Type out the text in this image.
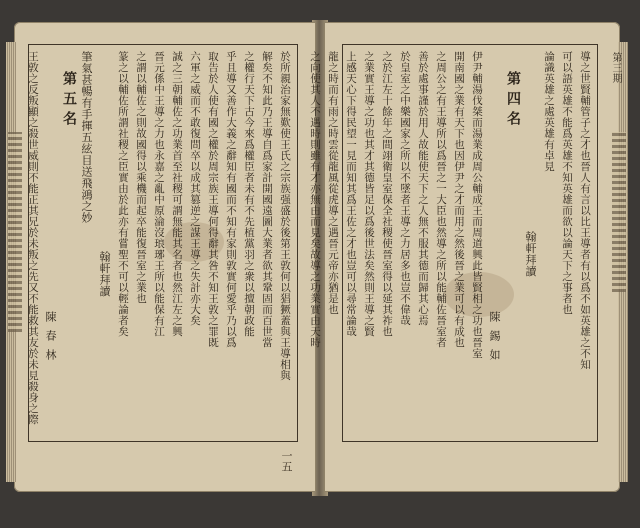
於所親治家無歎使王氏之宗族强盛於後第王敦何以猖獗蓋與王導相與
解矣不知此乃王導自爲家計開國遠圖大業者欲其鞏固而百世當
之權行天下古今來爲權臣者未有不先植黨羽之衆以擅朝政能
乎且導又善作大義之辭知有國而不知有家則敦實何愛乎乃以爲
取告於人使有國之權於周宗族王導何得辭其咎不知王敦之罪既
六軍之威而不敢復問卒以成其篡逆之謀王導之失計亦大矣
誠之三朝輔佐之功業首至社稷可謂無能其名者也然江左之興
晉元係中王導之力也永嘉之亂中原淪沒琅琊王所以能保有江
之謂以輔佐之則故國得以乘機而起卒能復晉室之業也
篆之以輔佐所謂社稷之臣實由於此亦有嘗聖不可以輕論者矣
翰軒拜讀
筆氣甚暢有手揮五絃目送飛鴻之妙
第五名
陳春林
王敦之反叛顯之殺世威則不能正其兄於未叛之先又不能救其友於未見殺身之際
一五
導之世賢輔管子之才也晉人有言以比王導者有以爲不如英雄之不知
可以語英雄不能爲英雄不知英雄而欲以論天下之事者也
論識英雄之處英雄有卓見
翰軒拜讀
第四名
陳錫如
伊尹輔湯伐桀而湯業成周公輔成王而周道興此皆賢相之功也晉室
開南國之業有天下也因伊尹之才而用之然後晉之業可以有成也
之周公之有王導所以爲晉之一大臣也然導之所以能輔佐晉室者
善於處事謹於用人故能使天下之人無不服其德而歸其心焉
於皇室之中樂國家之所以不墜者王導之力居多也豈不偉哉
之於江左十餘年之間翊衛皇室保全社稷使晉室得以延其祚也
之業實王導之功也其才其德皆足以爲後世法矣然則王導之賢
上感天心下得民望一見而知其爲王佐之才也豈可以尋常論哉
龍之時而有雨之時雲從龍風從虎導之遇晉元帝亦猶是也
之向使其人不遇時則雖有才亦無由而見矣故導之功業實由天時	第三期
